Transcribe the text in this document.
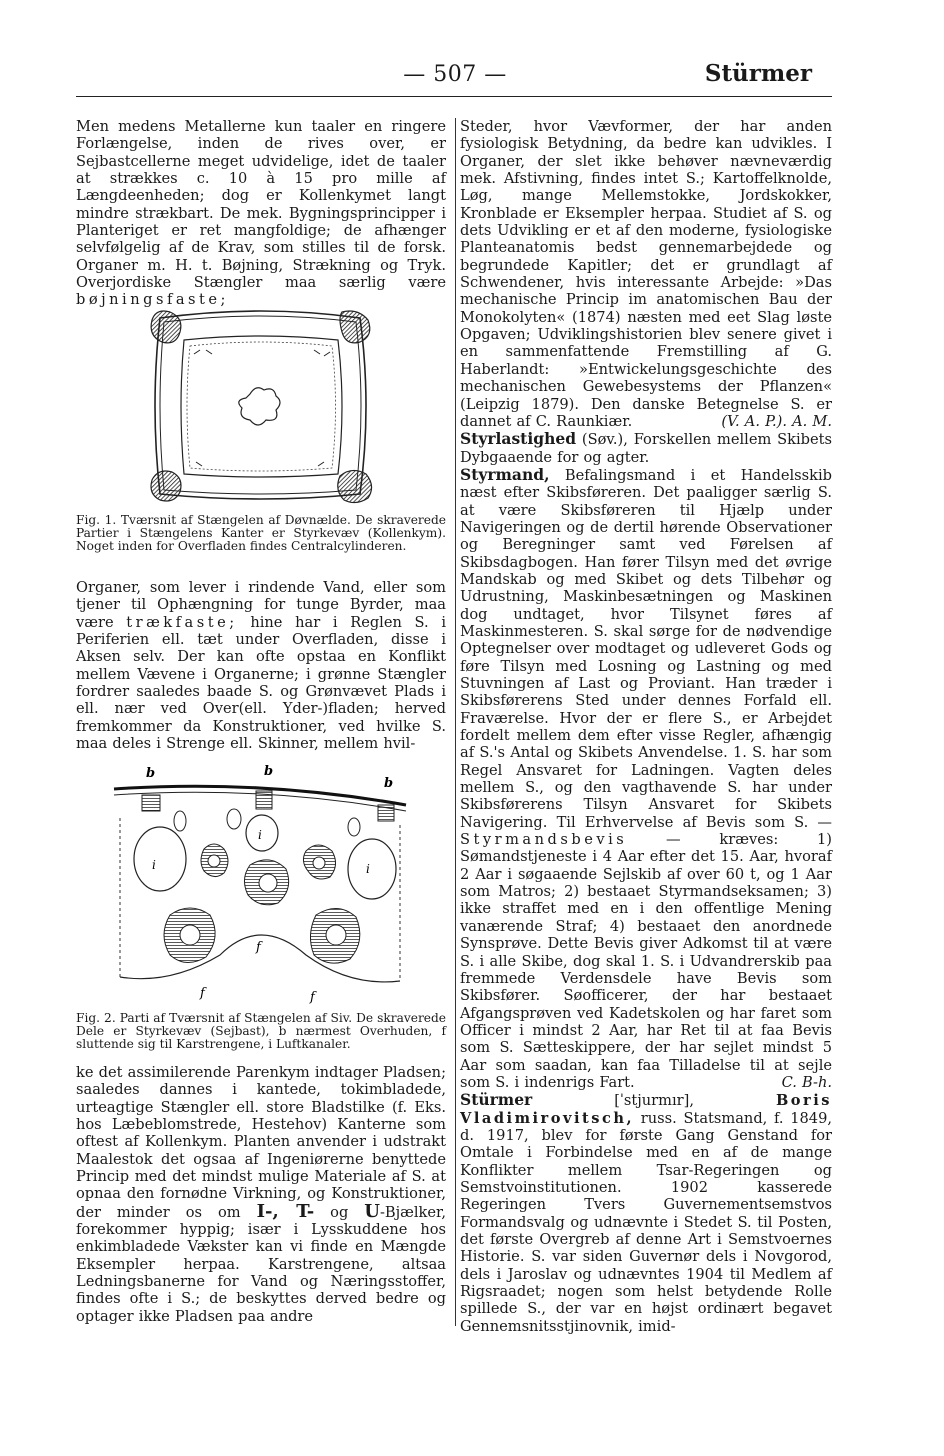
— 507 —	Stürmer

Men medens Metallerne kun taaler en ringere Forlængelse, inden de rives over, er Sejbastcellerne meget udvidelige, idet de taaler at strækkes c. 10 à 15 pro mille af Længdeenheden; dog er Kollenkymet langt mindre strækbart. De mek. Bygningsprincipper i Planteriget er ret mangfoldige; de afhænger selvfølgelig af de Krav, som stilles til de forsk. Organer m. H. t. Bøjning, Strækning og Tryk. Overjordiske Stængler maa særlig være bøjningsfaste;

Fig. 1. Tværsnit af Stængelen af Døvnælde. De skraverede Partier i Stængelens Kanter er Styrkevæv (Kollenkym). Noget inden for Overfladen findes Centralcylinderen.

Organer, som lever i rindende Vand, eller som tjener til Ophængning for tunge Byrder, maa være trækfaste; hine har i Reglen S. i Periferien ell. tæt under Overfladen, disse i Aksen selv. Der kan ofte opstaa en Konflikt mellem Vævene i Organerne; i grønne Stængler fordrer saaledes baade S. og Grønvævet Plads i ell. nær ved Over(ell. Yder-)fladen; herved fremkommer da Konstruktioner, ved hvilke S. maa deles i Strenge ell. Skinner, mellem hvil-

b	b
b
i
i
i
f
f	f
Fig. 2. Parti af Tværsnit af Stængelen af Siv. De skraverede Dele er Styrkevæv (Sejbast), b nærmest Overhuden, f sluttende sig til Karstrengene, i Luftkanaler.

ke det assimilerende Parenkym indtager Pladsen; saaledes dannes i kantede, tokimbladede, urteagtige Stængler ell. store Bladstilke (f. Eks. hos Læbeblomstrede, Hestehov) Kanterne som oftest af Kollenkym. Planten anvender i udstrakt Maalestok det ogsaa af Ingeniørerne benyttede Princip med det mindst mulige Materiale af S. at opnaa den fornødne Virkning, og Konstruktioner, der minder os om I-, T- og U-Bjælker, forekommer hyppig; især i Lysskuddene hos enkimbladede Vækster kan vi finde en Mængde Eksempler herpaa. Karstrengene, altsaa Ledningsbanerne for Vand og Næringsstoffer, findes ofte i S.; de beskyttes derved bedre og optager ikke Pladsen paa andre

Steder, hvor Vævformer, der har anden fysiologisk Betydning, da bedre kan udvikles. I Organer, der slet ikke behøver nævneværdig mek. Afstivning, findes intet S.; Kartoffelknolde, Løg, mange Mellemstokke, Jordskokker, Kronblade er Eksempler herpaa. Studiet af S. og dets Udvikling er et af den moderne, fysiologiske Planteanatomis bedst gennemarbejdede og begrundede Kapitler; det er grundlagt af Schwendener, hvis interessante Arbejde: »Das mechanische Princip im anatomischen Bau der Monokolyten« (1874) næsten med eet Slag løste Opgaven; Udviklingshistorien blev senere givet i en sammenfattende Fremstilling af G. Haberlandt: »Entwickelungsgeschichte des mechanischen Gewebesystems der Pflanzen« (Leipzig 1879). Den danske Betegnelse S. er dannet af C. Raunkiær.	(V. A. P.). A. M.

Styrlastighed (Søv.), Forskellen mellem Skibets Dybgaaende for og agter.

Styrmand, Befalingsmand i et Handelsskib næst efter Skibsføreren. Det paaligger særlig S. at være Skibsføreren til Hjælp under Navigeringen og de dertil hørende Observationer og Beregninger samt ved Førelsen af Skibsdagbogen. Han fører Tilsyn med det øvrige Mandskab og med Skibet og dets Tilbehør og Udrustning, Maskinbesætningen og Maskinen dog undtaget, hvor Tilsynet føres af Maskinmesteren. S. skal sørge for de nødvendige Optegnelser over modtaget og udleveret Gods og føre Tilsyn med Losning og Lastning og med Stuvningen af Last og Proviant. Han træder i Skibsførerens Sted under dennes Forfald ell. Fraværelse. Hvor der er flere S., er Arbejdet fordelt mellem dem efter visse Regler, afhængig af S.'s Antal og Skibets Anvendelse. 1. S. har som Regel Ansvaret for Ladningen. Vagten deles mellem S., og den vagthavende S. har under Skibsførerens Tilsyn Ansvaret for Skibets Navigering. Til Erhvervelse af Bevis som S. — Styrmandsbevis	— kræves: 1) Sømandstjeneste i 4 Aar efter det 15. Aar, hvoraf 2 Aar i søgaaende Sejlskib af over 60 t, og 1 Aar som Matros; 2) bestaaet Styrmandseksamen; 3) ikke straffet med en i den offentlige Mening vanærende Straf; 4) bestaaet den anordnede Synsprøve. Dette Bevis giver Adkomst til at være S. i alle Skibe, dog skal 1. S. i Udvandrerskib paa fremmede Verdensdele have Bevis som Skibsfører. Søofficerer, der har bestaaet Afgangsprøven ved Kadetskolen og har faret som Officer i mindst 2 Aar, har Ret til at faa Bevis som S. Sætteskippere, der har sejlet mindst 5 Aar som saadan, kan faa Tilladelse til at sejle som S. i indenrigs Fart.	C. B-h.

Stürmer	[ˈstjurmır],	Boris Vladimirovitsch, russ. Statsmand, f. 1849, d. 1917, blev for første Gang Genstand for Omtale i Forbindelse med en af de mange Konflikter mellem Tsar-Regeringen og Semstvoinstitutionen. 1902 kasserede Regeringen Tvers Guvernementsemstvos Formandsvalg og udnævnte i Stedet S. til Posten, det første Overgreb af denne Art i Semstvoernes Historie. S. var siden Guvernør dels i Novgorod, dels i Jaroslav og udnævntes 1904 til Medlem af Rigsraadet; nogen som helst betydende Rolle spillede S., der var en højst ordinært begavet Gennemsnitsstjinovnik, imid-
